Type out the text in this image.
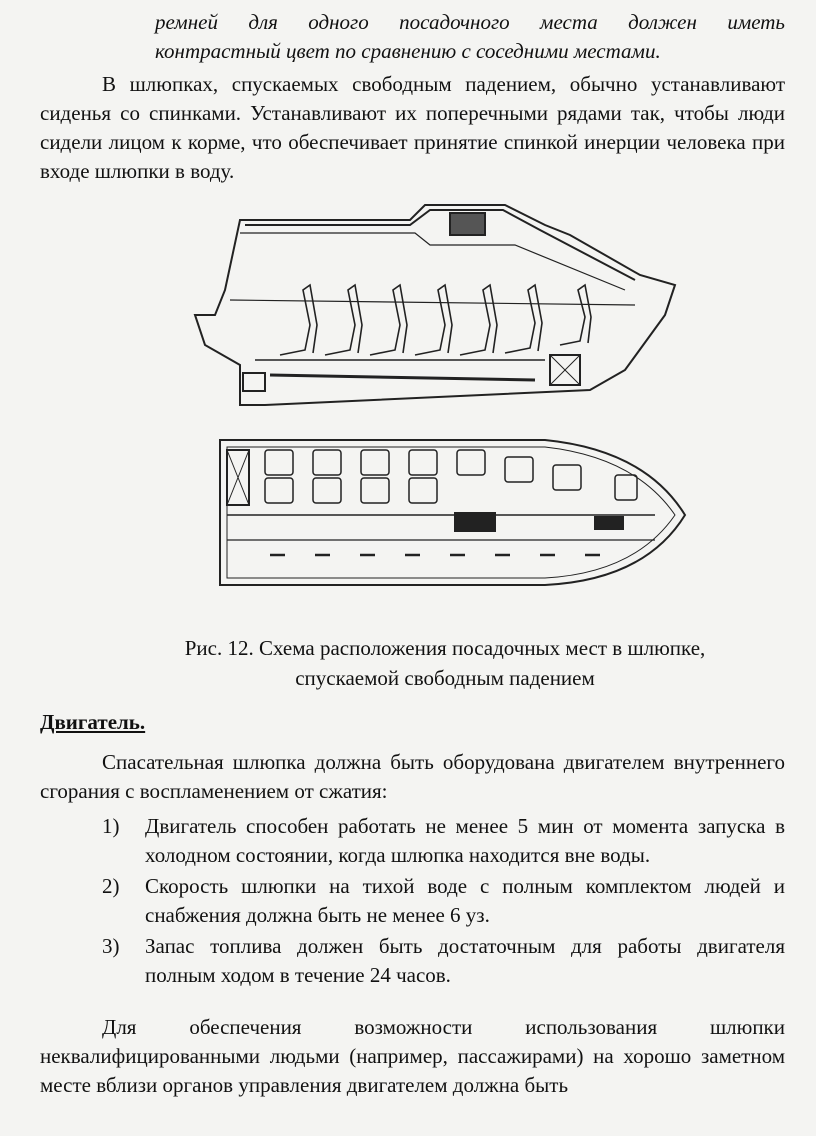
ремней для одного посадочного места должен иметь
контрастный цвет по сравнению с соседними местами.
В шлюпках, спускаемых свободным падением, обычно устанавливают сиденья со спинками. Устанавливают их поперечными рядами так, чтобы люди сидели лицом к корме, что обеспечивает принятие спинкой инерции человека при входе шлюпки в воду.
Рис. 12. Схема расположения посадочных мест в шлюпке,
спускаемой свободным падением
Двигатель.
Спасательная шлюпка должна быть оборудована двигателем внутреннего сгорания с воспламенением от сжатия:
1) Двигатель способен работать не менее 5 мин от момента запуска в холодном состоянии, когда шлюпка находится вне воды.
2) Скорость шлюпки на тихой воде с полным комплектом людей и снабжения должна быть не менее 6 уз.
3) Запас топлива должен быть достаточным для работы двигателя полным ходом в течение 24 часов.
Для обеспечения возможности использования шлюпки неквалифицированными людьми (например, пассажирами) на хорошо заметном месте вблизи органов управления двигателем должна быть
